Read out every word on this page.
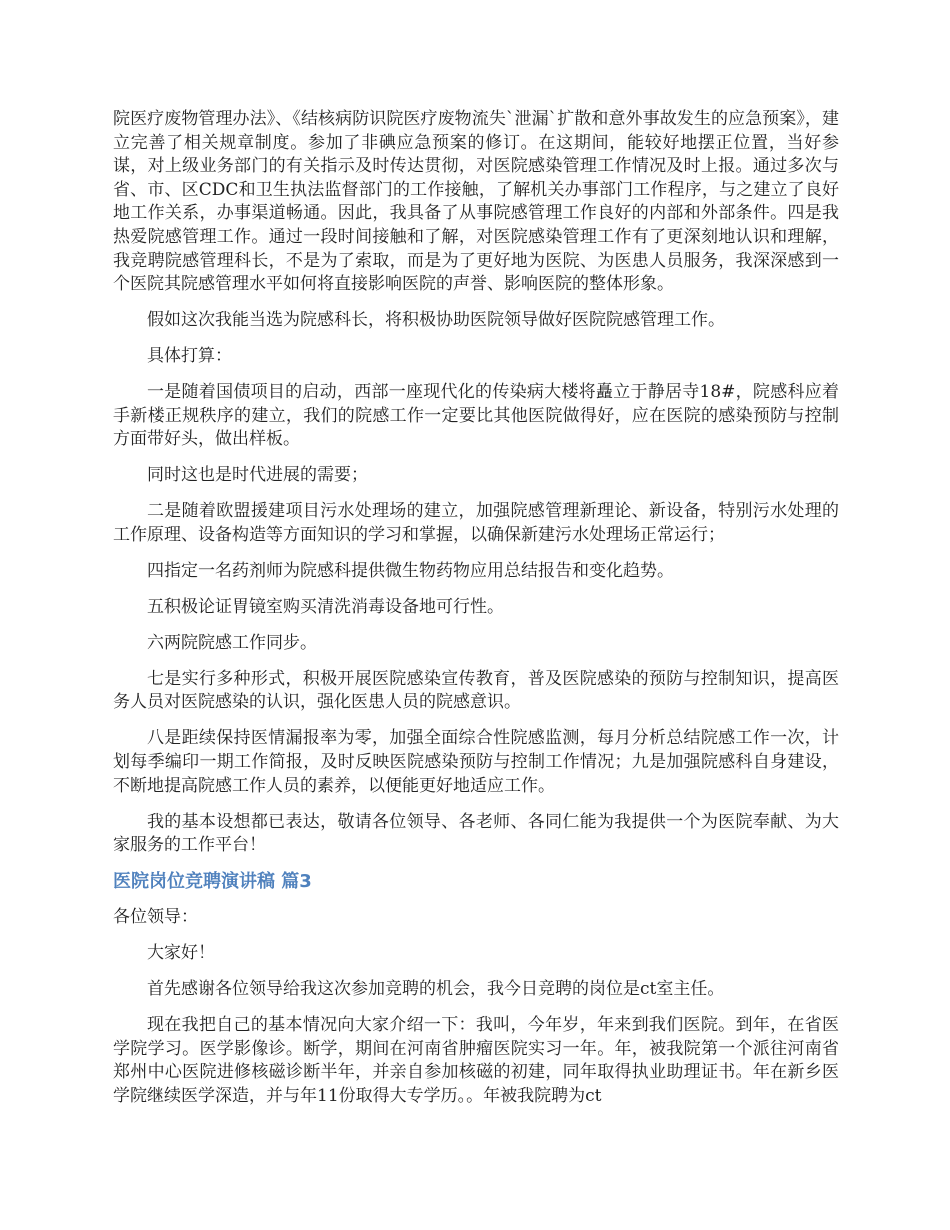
院医疗废物管理办法》、《结核病防识院医疗废物流失`泄漏`扩散和意外事故发生的应急预案》，建立完善了相关规章制度。参加了非碘应急预案的修订。在这期间，能较好地摆正位置，当好参谋，对上级业务部门的有关指示及时传达贯彻，对医院感染管理工作情况及时上报。通过多次与省、市、区CDC和卫生执法监督部门的工作接触，了解机关办事部门工作程序，与之建立了良好地工作关系，办事渠道畅通。因此，我具备了从事院感管理工作良好的内部和外部条件。四是我热爱院感管理工作。通过一段时间接触和了解，对医院感染管理工作有了更深刻地认识和理解，我竞聘院感管理科长，不是为了索取，而是为了更好地为医院、为医患人员服务，我深深感到一个医院其院感管理水平如何将直接影响医院的声誉、影响医院的整体形象。

假如这次我能当选为院感科长，将积极协助医院领导做好医院院感管理工作。

具体打算：

一是随着国债项目的启动，西部一座现代化的传染病大楼将矗立于静居寺18#，院感科应着手新楼正规秩序的建立，我们的院感工作一定要比其他医院做得好，应在医院的感染预防与控制方面带好头，做出样板。

同时这也是时代进展的需要；

二是随着欧盟援建项目污水处理场的建立，加强院感管理新理论、新设备，特别污水处理的工作原理、设备构造等方面知识的学习和掌握，以确保新建污水处理场正常运行；

四指定一名药剂师为院感科提供微生物药物应用总结报告和变化趋势。

五积极论证胃镜室购买清洗消毒设备地可行性。

六两院院感工作同步。

七是实行多种形式，积极开展医院感染宣传教育，普及医院感染的预防与控制知识，提高医务人员对医院感染的认识，强化医患人员的院感意识。

八是距续保持医情漏报率为零，加强全面综合性院感监测，每月分析总结院感工作一次，计划每季编印一期工作简报，及时反映医院感染预防与控制工作情况；九是加强院感科自身建设，不断地提高院感工作人员的素养，以便能更好地适应工作。

我的基本设想都已表达，敬请各位领导、各老师、各同仁能为我提供一个为医院奉献、为大家服务的工作平台！

医院岗位竞聘演讲稿 篇3

各位领导：

大家好！

首先感谢各位领导给我这次参加竞聘的机会，我今日竞聘的岗位是ct室主任。

现在我把自己的基本情况向大家介绍一下：我叫，今年岁，年来到我们医院。到年，在省医学院学习。医学影像诊。断学，期间在河南省肿瘤医院实习一年。年，被我院第一个派往河南省郑州中心医院进修核磁诊断半年，并亲自参加核磁的初建，同年取得执业助理证书。年在新乡医学院继续医学深造，并与年11份取得大专学历。。年被我院聘为ct
